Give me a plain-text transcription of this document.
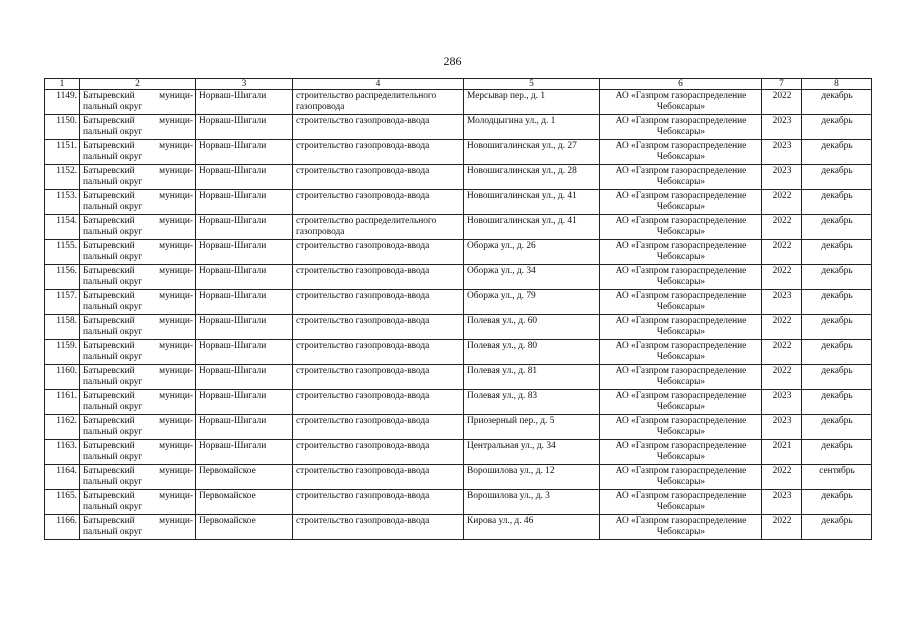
286
1	2	3	4	5	6	7	8
1149.	Батыревский муници-пальный округ	Норваш-Шигали	строительство распределительного газопровода	Мерсывар пер., д. 1	АО «Газпром газораспределение Чебоксары»	2022	декабрь
1150.	Батыревский муници-пальный округ	Норваш-Шигали	строительство газопровода-ввода	Молодцыгина ул., д. 1	АО «Газпром газораспределение Чебоксары»	2023	декабрь
1151.	Батыревский муници-пальный округ	Норваш-Шигали	строительство газопровода-ввода	Новошигалинская ул., д. 27	АО «Газпром газораспределение Чебоксары»	2023	декабрь
1152.	Батыревский муници-пальный округ	Норваш-Шигали	строительство газопровода-ввода	Новошигалинская ул., д. 28	АО «Газпром газораспределение Чебоксары»	2023	декабрь
1153.	Батыревский муници-пальный округ	Норваш-Шигали	строительство газопровода-ввода	Новошигалинская ул., д. 41	АО «Газпром газораспределение Чебоксары»	2022	декабрь
1154.	Батыревский муници-пальный округ	Норваш-Шигали	строительство распределительного газопровода	Новошигалинская ул., д. 41	АО «Газпром газораспределение Чебоксары»	2022	декабрь
1155.	Батыревский муници-пальный округ	Норваш-Шигали	строительство газопровода-ввода	Оборжа ул., д. 26	АО «Газпром газораспределение Чебоксары»	2022	декабрь
1156.	Батыревский муници-пальный округ	Норваш-Шигали	строительство газопровода-ввода	Оборжа ул., д. 34	АО «Газпром газораспределение Чебоксары»	2022	декабрь
1157.	Батыревский муници-пальный округ	Норваш-Шигали	строительство газопровода-ввода	Оборжа ул., д. 79	АО «Газпром газораспределение Чебоксары»	2023	декабрь
1158.	Батыревский муници-пальный округ	Норваш-Шигали	строительство газопровода-ввода	Полевая ул., д. 60	АО «Газпром газораспределение Чебоксары»	2022	декабрь
1159.	Батыревский муници-пальный округ	Норваш-Шигали	строительство газопровода-ввода	Полевая ул., д. 80	АО «Газпром газораспределение Чебоксары»	2022	декабрь
1160.	Батыревский муници-пальный округ	Норваш-Шигали	строительство газопровода-ввода	Полевая ул., д. 81	АО «Газпром газораспределение Чебоксары»	2022	декабрь
1161.	Батыревский муници-пальный округ	Норваш-Шигали	строительство газопровода-ввода	Полевая ул., д. 83	АО «Газпром газораспределение Чебоксары»	2023	декабрь
1162.	Батыревский муници-пальный округ	Норваш-Шигали	строительство газопровода-ввода	Приозерный пер., д. 5	АО «Газпром газораспределение Чебоксары»	2023	декабрь
1163.	Батыревский муници-пальный округ	Норваш-Шигали	строительство газопровода-ввода	Центральная ул., д. 34	АО «Газпром газораспределение Чебоксары»	2021	декабрь
1164.	Батыревский муници-пальный округ	Первомайское	строительство газопровода-ввода	Ворошилова ул., д. 12	АО «Газпром газораспределение Чебоксары»	2022	сентябрь
1165.	Батыревский муници-пальный округ	Первомайское	строительство газопровода-ввода	Ворошилова ул., д. 3	АО «Газпром газораспределение Чебоксары»	2023	декабрь
1166.	Батыревский муници-пальный округ	Первомайское	строительство газопровода-ввода	Кирова ул., д. 46	АО «Газпром газораспределение Чебоксары»	2022	декабрь
